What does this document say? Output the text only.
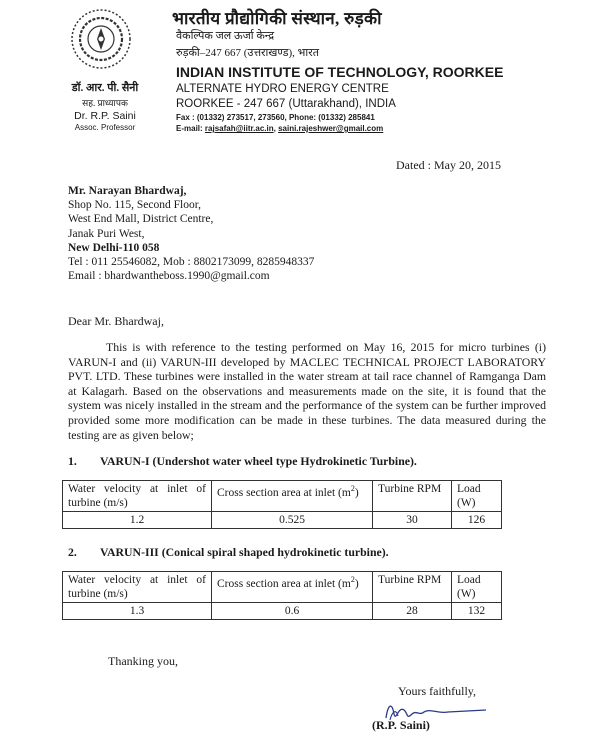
भारतीय प्रौद्योगिकी संस्थान, रुड़की
वैकल्पिक जल ऊर्जा केन्द्र
रुड़की–247 667 (उत्तराखण्ड), भारत
INDIAN INSTITUTE OF TECHNOLOGY, ROORKEE
ALTERNATE HYDRO ENERGY CENTRE
ROORKEE - 247 667 (Uttarakhand), INDIA
Fax : (01332) 273517, 273560, Phone: (01332) 285841
E-mail: rajsafah@iitr.ac.in, saini.rajeshwer@gmail.com
डॉ. आर. पी. सैनी
सह. प्राध्यापक
Dr. R.P. Saini
Assoc. Professor
Dated : May 20, 2015
Mr. Narayan Bhardwaj,
Shop No. 115, Second Floor,
West End Mall, District Centre,
Janak Puri West,
New Delhi-110 058
Tel : 011 25546082, Mob : 8802173099, 8285948337
Email : bhardwantheboss.1990@gmail.com
Dear Mr. Bhardwaj,

This is with reference to the testing performed on May 16, 2015 for micro turbines (i) VARUN-I and (ii) VARUN-III developed by MACLEC TECHNICAL PROJECT LABORATORY PVT. LTD. These turbines were installed in the water stream at tail race channel of Ramganga Dam at Kalagarh. Based on the observations and measurements made on the site, it is found that the system was nicely installed in the stream and the performance of the system can be further improved provided some more modification can be made in these turbines. The data measured during the testing are as given below;

1. VARUN-I (Undershot water wheel type Hydrokinetic Turbine).
Water velocity at inlet of turbine (m/s)	Cross section area at inlet $(m^2)$	Turbine RPM	Load (W)
1.2	0.525	30	126
2. VARUN-III (Conical spiral shaped hydrokinetic turbine).
Water velocity at inlet of turbine (m/s)	Cross section area at inlet $(m^2)$	Turbine RPM	Load (W)
1.3	0.6	28	132
Thanking you,
Yours faithfully,
(R.P. Saini)
